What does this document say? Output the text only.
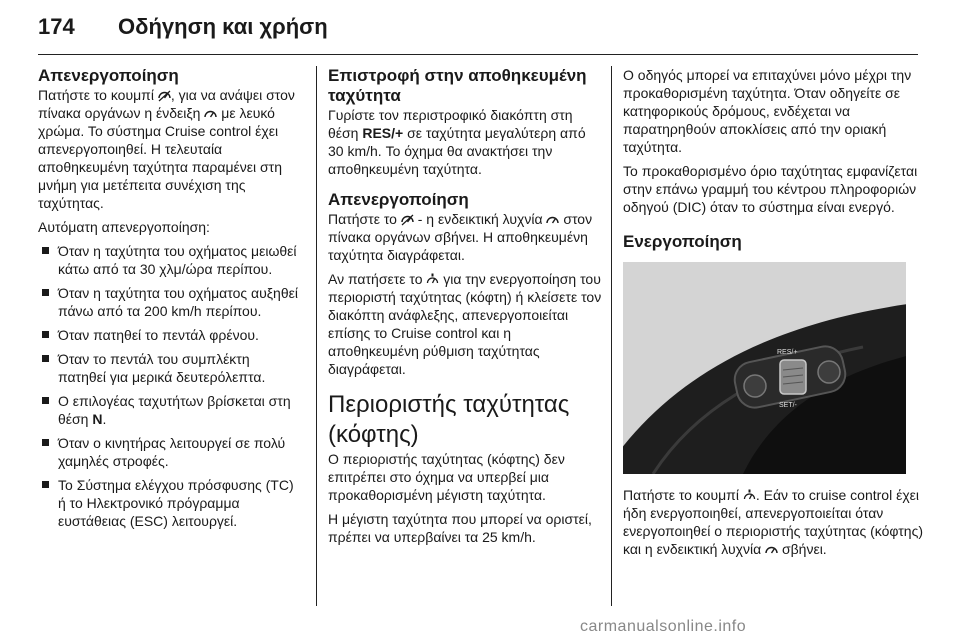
174 Οδήγηση και χρήση
Απενεργοποίηση
Πατήστε το κουμπί , για να ανάψει στον πίνακα οργάνων η ένδειξη  με λευκό χρώμα. Το σύστημα Cruise control έχει απενεργοποιηθεί. Η τελευταία αποθηκευμένη ταχύτητα παραμένει στη μνήμη για μετέπειτα συνέχιση της ταχύτητας.
Αυτόματη απενεργοποίηση:
Όταν η ταχύτητα του οχήματος μειωθεί κάτω από τα 30 χλμ/ώρα περίπου.
Όταν η ταχύτητα του οχήματος αυξηθεί πάνω από τα 200 km/h περίπου.
Όταν πατηθεί το πεντάλ φρένου.
Όταν το πεντάλ του συμπλέκτη πατηθεί για μερικά δευτερόλεπτα.
Ο επιλογέας ταχυτήτων βρίσκεται στη θέση N.
Όταν ο κινητήρας λειτουργεί σε πολύ χαμηλές στροφές.
Το Σύστημα ελέγχου πρόσφυσης (TC) ή το Ηλεκτρονικό πρόγραμμα ευστάθειας (ESC) λειτουργεί.
Επιστροφή στην αποθηκευμένη ταχύτητα
Γυρίστε τον περιστροφικό διακόπτη στη θέση RES/+ σε ταχύτητα μεγαλύτερη από 30 km/h. Το όχημα θα ανακτήσει την αποθηκευμένη ταχύτητα.
Απενεργοποίηση
Πατήστε το  - η ενδεικτική λυχνία  στον πίνακα οργάνων σβήνει. Η αποθηκευμένη ταχύτητα διαγράφεται.
Αν πατήσετε το  για την ενεργοποίηση του περιοριστή ταχύτητας (κόφτη) ή κλείσετε τον διακόπτη ανάφλεξης, απενεργοποιείται επίσης το Cruise control και η αποθηκευμένη ρύθμιση ταχύτητας διαγράφεται.
Περιοριστής ταχύτητας (κόφτης)
Ο περιοριστής ταχύτητας (κόφτης) δεν επιτρέπει στο όχημα να υπερβεί μια προκαθορισμένη μέγιστη ταχύτητα.
Η μέγιστη ταχύτητα που μπορεί να οριστεί, πρέπει να υπερβαίνει τα 25 km/h.
Ο οδηγός μπορεί να επιταχύνει μόνο μέχρι την προκαθορισμένη ταχύτητα. Όταν οδηγείτε σε κατηφορικούς δρόμους, ενδέχεται να παρατηρηθούν αποκλίσεις από την οριακή ταχύτητα.
Το προκαθορισμένο όριο ταχύτητας εμφανίζεται στην επάνω γραμμή του κέντρου πληροφοριών οδηγού (DIC) όταν το σύστημα είναι ενεργό.
Ενεργοποίηση
RES/+
SET/-
Πατήστε το κουμπί . Εάν το cruise control έχει ήδη ενεργοποιηθεί, απενεργοποιείται όταν ενεργοποιηθεί ο περιοριστής ταχύτητας (κόφτης) και η ενδεικτική λυχνία  σβήνει.
carmanualsonline.info
